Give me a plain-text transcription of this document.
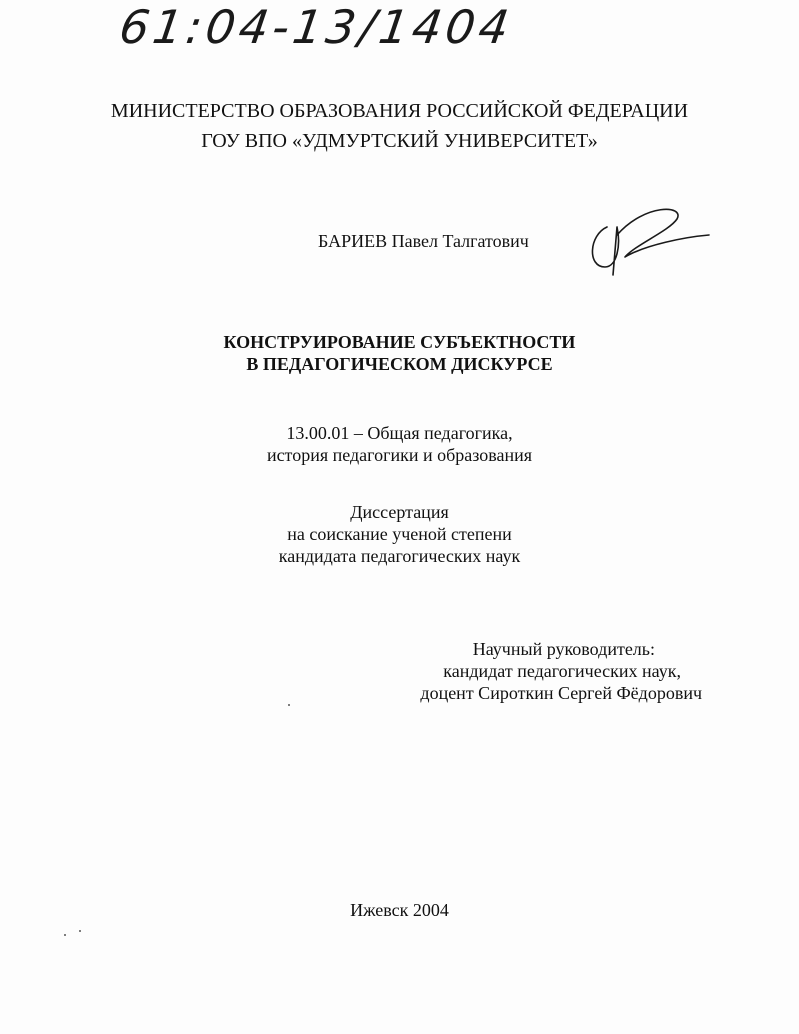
61:04-13/1404
МИНИСТЕРСТВО ОБРАЗОВАНИЯ РОССИЙСКОЙ ФЕДЕРАЦИИ
ГОУ ВПО «УДМУРТСКИЙ УНИВЕРСИТЕТ»
БАРИЕВ Павел Талгатович
КОНСТРУИРОВАНИЕ СУБЪЕКТНОСТИ
В ПЕДАГОГИЧЕСКОМ ДИСКУРСЕ
13.00.01 – Общая педагогика,
история педагогики и образования
Диссертация
на соискание ученой степени
кандидата педагогических наук
Научный руководитель:
кандидат педагогических наук,
доцент Сироткин Сергей Фёдорович
Ижевск 2004
